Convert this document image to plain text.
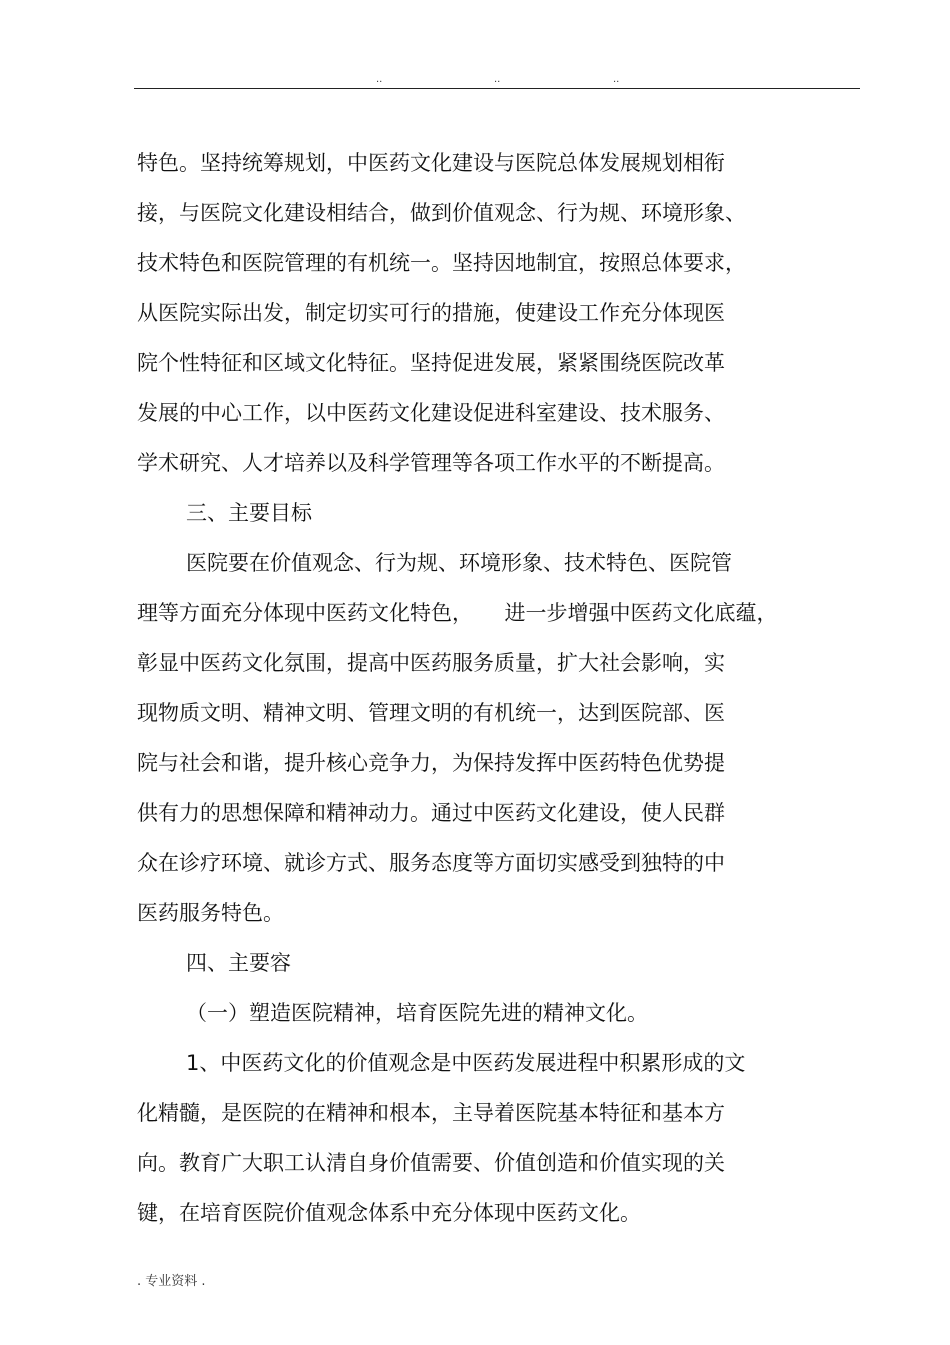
..	..	..
特色。坚持统筹规划，中医药文化建设与医院总体发展规划相衔
接，与医院文化建设相结合，做到价值观念、行为规、环境形象、
技术特色和医院管理的有机统一。坚持因地制宜，按照总体要求，
从医院实际出发，制定切实可行的措施，使建设工作充分体现医
院个性特征和区域文化特征。坚持促进发展，紧紧围绕医院改革
发展的中心工作，以中医药文化建设促进科室建设、技术服务、
学术研究、人才培养以及科学管理等各项工作水平的不断提高。
三、主要目标
医院要在价值观念、行为规、环境形象、技术特色、医院管
理等方面充分体现中医药文化特色，　　进一步增强中医药文化底蕴，
彰显中医药文化氛围，提高中医药服务质量，扩大社会影响，实
现物质文明、精神文明、管理文明的有机统一，达到医院部、医
院与社会和谐，提升核心竞争力，为保持发挥中医药特色优势提
供有力的思想保障和精神动力。通过中医药文化建设，使人民群
众在诊疗环境、就诊方式、服务态度等方面切实感受到独特的中
医药服务特色。
四、主要容
（一）塑造医院精神，培育医院先进的精神文化。
1、中医药文化的价值观念是中医药发展进程中积累形成的文
化精髓，是医院的在精神和根本，主导着医院基本特征和基本方
向。教育广大职工认清自身价值需要、价值创造和价值实现的关
键，在培育医院价值观念体系中充分体现中医药文化。
. 专业资料 .
